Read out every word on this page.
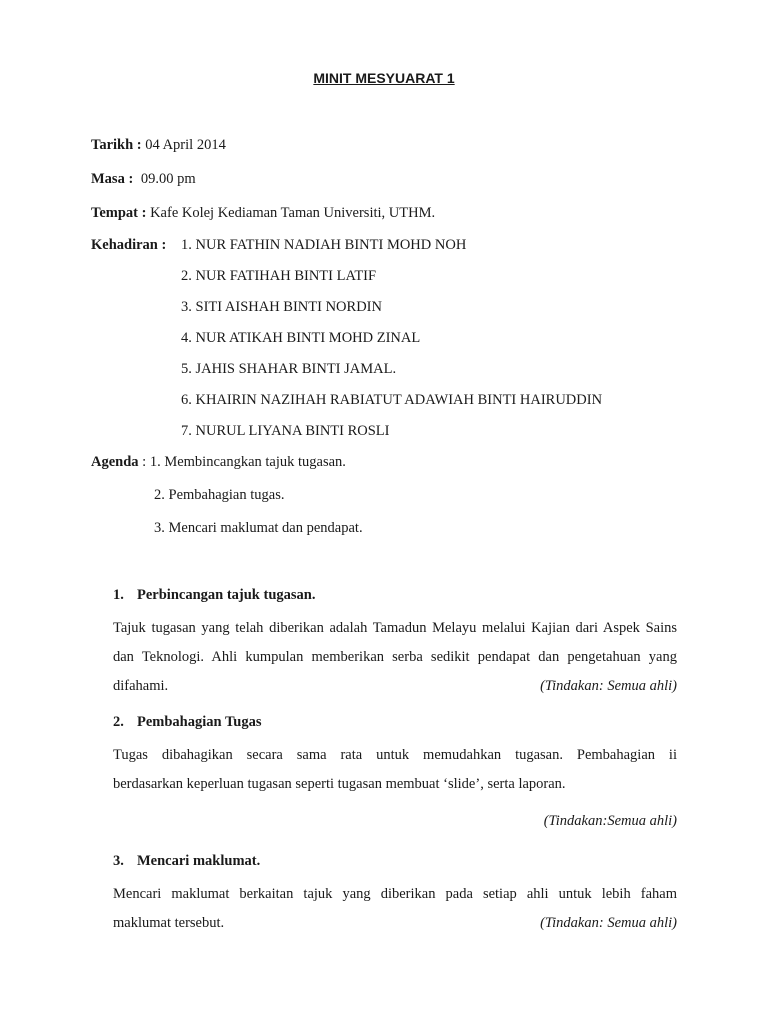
MINIT MESYUARAT 1
Tarikh : 04 April 2014
Masa : 09.00 pm
Tempat : Kafe Kolej Kediaman Taman Universiti, UTHM.
Kehadiran : 1. NUR FATHIN NADIAH BINTI MOHD NOH
2. NUR FATIHAH BINTI LATIF
3. SITI AISHAH BINTI NORDIN
4. NUR ATIKAH BINTI MOHD ZINAL
5. JAHIS SHAHAR BINTI JAMAL.
6. KHAIRIN NAZIHAH RABIATUT ADAWIAH BINTI HAIRUDDIN
7. NURUL LIYANA BINTI ROSLI
Agenda : 1. Membincangkan tajuk tugasan.
2. Pembahagian tugas.
3. Mencari maklumat dan pendapat.
1. Perbincangan tajuk tugasan.
Tajuk tugasan yang telah diberikan adalah Tamadun Melayu melalui Kajian dari Aspek Sains
dan Teknologi. Ahli kumpulan memberikan serba sedikit pendapat dan pengetahuan yang
difahami.	(Tindakan: Semua ahli)
2. Pembahagian Tugas
Tugas dibahagikan secara sama rata untuk memudahkan tugasan. Pembahagian ii
berdasarkan keperluan tugasan seperti tugasan membuat ‘slide’, serta laporan.
(Tindakan:Semua ahli)
3. Mencari maklumat.
Mencari maklumat berkaitan tajuk yang diberikan pada setiap ahli untuk lebih faham
maklumat tersebut.	(Tindakan: Semua ahli)
